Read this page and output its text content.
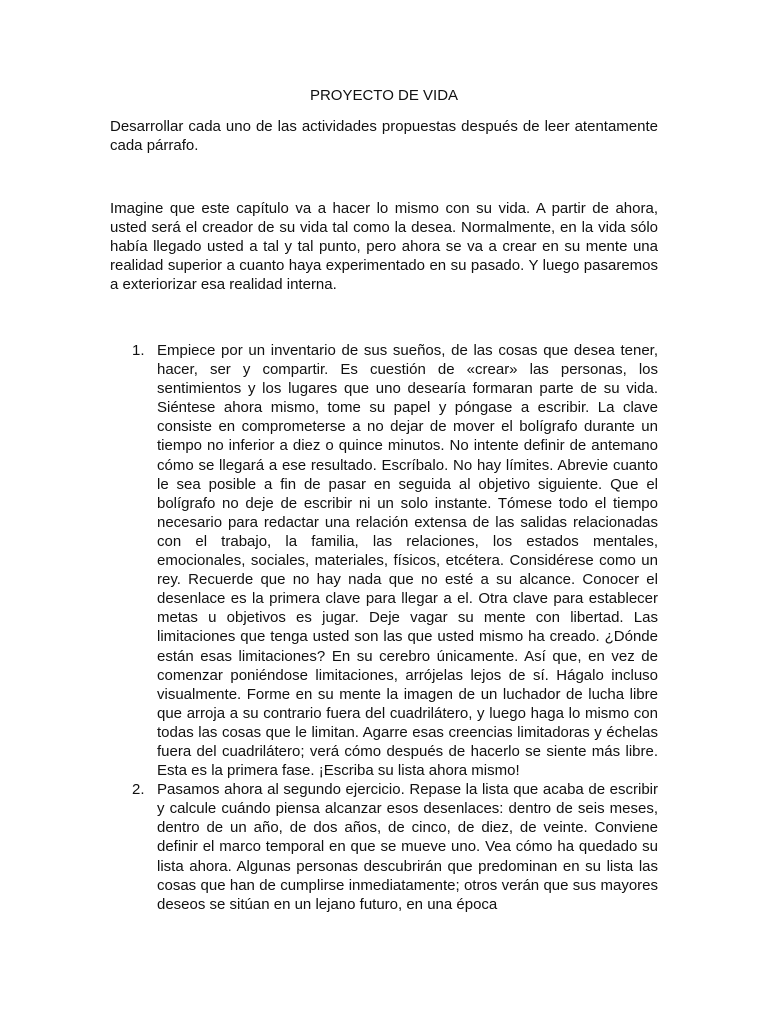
PROYECTO DE VIDA

Desarrollar cada uno de las actividades propuestas después de leer atentamente cada párrafo.

Imagine que este capítulo va a hacer lo mismo con su vida. A partir de ahora, usted será el creador de su vida tal como la desea. Normalmente, en la vida sólo había llegado usted a tal y tal punto, pero ahora se va a crear en su mente una realidad superior a cuanto haya experimentado en su pasado. Y luego pasaremos a exteriorizar esa realidad interna.

1. Empiece por un inventario de sus sueños, de las cosas que desea tener, hacer, ser y compartir. Es cuestión de «crear» las personas, los sentimientos y los lugares que uno desearía formaran parte de su vida. Siéntese ahora mismo, tome su papel y póngase a escribir. La clave consiste en comprometerse a no dejar de mover el bolígrafo durante un tiempo no inferior a diez o quince minutos. No intente definir de antemano cómo se llegará a ese resultado. Escríbalo. No hay límites. Abrevie cuanto le sea posible a fin de pasar en seguida al objetivo siguiente. Que el bolígrafo no deje de escribir ni un solo instante. Tómese todo el tiempo necesario para redactar una relación extensa de las salidas relacionadas con el trabajo, la familia, las relaciones, los estados mentales, emocionales, sociales, materiales, físicos, etcétera. Considérese como un rey. Recuerde que no hay nada que no esté a su alcance. Conocer el desenlace es la primera clave para llegar a el. Otra clave para establecer metas u objetivos es jugar. Deje vagar su mente con libertad. Las limitaciones que tenga usted son las que usted mismo ha creado. ¿Dónde están esas limitaciones? En su cerebro únicamente. Así que, en vez de comenzar poniéndose limitaciones, arrójelas lejos de sí. Hágalo incluso visualmente. Forme en su mente la imagen de un luchador de lucha libre que arroja a su contrario fuera del cuadrilátero, y luego haga lo mismo con todas las cosas que le limitan. Agarre esas creencias limitadoras y échelas fuera del cuadrilátero; verá cómo después de hacerlo se siente más libre. Esta es la primera fase. ¡Escriba su lista ahora mismo!
2. Pasamos ahora al segundo ejercicio. Repase la lista que acaba de escribir y calcule cuándo piensa alcanzar esos desenlaces: dentro de seis meses, dentro de un año, de dos años, de cinco, de diez, de veinte. Conviene definir el marco temporal en que se mueve uno. Vea cómo ha quedado su lista ahora. Algunas personas descubrirán que predominan en su lista las cosas que han de cumplirse inmediatamente; otros verán que sus mayores deseos se sitúan en un lejano futuro, en una época
